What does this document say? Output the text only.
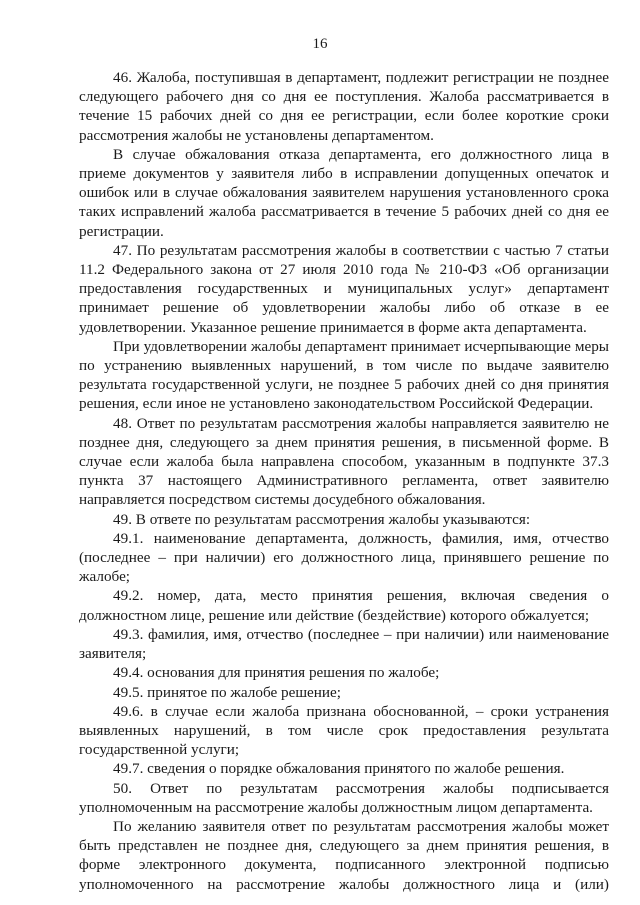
16

46. Жалоба, поступившая в департамент, подлежит регистрации не позднее следующего рабочего дня со дня ее поступления. Жалоба рассматривается в течение 15 рабочих дней со дня ее регистрации, если более короткие сроки рассмотрения жалобы не установлены департаментом.

В случае обжалования отказа департамента, его должностного лица в приеме документов у заявителя либо в исправлении допущенных опечаток и ошибок или в случае обжалования заявителем нарушения установленного срока таких исправлений жалоба рассматривается в течение 5 рабочих дней со дня ее регистрации.

47. По результатам рассмотрения жалобы в соответствии с частью 7 статьи 11.2 Федерального закона от 27 июля 2010 года № 210-ФЗ «Об организации предоставления государственных и муниципальных услуг» департамент принимает решение об удовлетворении жалобы либо об отказе в ее удовлетворении. Указанное решение принимается в форме акта департамента.

При удовлетворении жалобы департамент принимает исчерпывающие меры по устранению выявленных нарушений, в том числе по выдаче заявителю результата государственной услуги, не позднее 5 рабочих дней со дня принятия решения, если иное не установлено законодательством Российской Федерации.

48. Ответ по результатам рассмотрения жалобы направляется заявителю не позднее дня, следующего за днем принятия решения, в письменной форме. В случае если жалоба была направлена способом, указанным в подпункте 37.3 пункта 37 настоящего Административного регламента, ответ заявителю направляется посредством системы досудебного обжалования.

49. В ответе по результатам рассмотрения жалобы указываются:

49.1. наименование департамента, должность, фамилия, имя, отчество (последнее – при наличии) его должностного лица, принявшего решение по жалобе;

49.2. номер, дата, место принятия решения, включая сведения о должностном лице, решение или действие (бездействие) которого обжалуется;

49.3. фамилия, имя, отчество (последнее – при наличии) или наименование заявителя;

49.4. основания для принятия решения по жалобе;

49.5. принятое по жалобе решение;

49.6. в случае если жалоба признана обоснованной, – сроки устранения выявленных нарушений, в том числе срок предоставления результата государственной услуги;

49.7. сведения о порядке обжалования принятого по жалобе решения.

50. Ответ по результатам рассмотрения жалобы подписывается уполномоченным на рассмотрение жалобы должностным лицом департамента.

По желанию заявителя ответ по результатам рассмотрения жалобы может быть представлен не позднее дня, следующего за днем принятия решения, в форме электронного документа, подписанного электронной подписью уполномоченного на рассмотрение жалобы должностного лица и (или)
